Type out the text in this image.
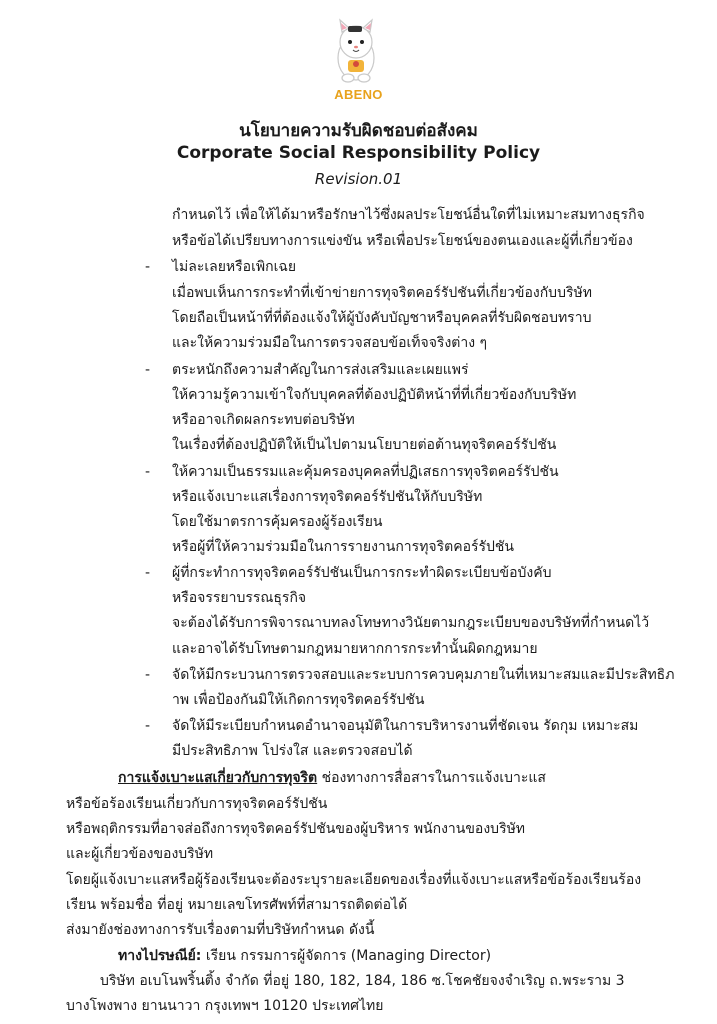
ABENO
นโยบายความรับผิดชอบต่อสังคม
Corporate Social Responsibility Policy
Revision.01
กำหนดไว้ เพื่อให้ได้มาหรือรักษาไว้ซึ่งผลประโยชน์อื่นใดที่ไม่เหมาะสมทางธุรกิจ
หรือข้อได้เปรียบทางการแข่งขัน หรือเพื่อประโยชน์ของตนเองและผู้ที่เกี่ยวข้อง
- ไม่ละเลยหรือเพิกเฉย
เมื่อพบเห็นการกระทำที่เข้าข่ายการทุจริตคอร์รัปชันที่เกี่ยวข้องกับบริษัท
โดยถือเป็นหน้าที่ที่ต้องแจ้งให้ผู้บังคับบัญชาหรือบุคคลที่รับผิดชอบทราบ
และให้ความร่วมมือในการตรวจสอบข้อเท็จจริงต่าง ๆ
- ตระหนักถึงความสำคัญในการส่งเสริมและเผยแพร่
ให้ความรู้ความเข้าใจกับบุคคลที่ต้องปฏิบัติหน้าที่ที่เกี่ยวข้องกับบริษัท
หรืออาจเกิดผลกระทบต่อบริษัท
ในเรื่องที่ต้องปฏิบัติให้เป็นไปตามนโยบายต่อต้านทุจริตคอร์รัปชัน
- ให้ความเป็นธรรมและคุ้มครองบุคคลที่ปฏิเสธการทุจริตคอร์รัปชัน
หรือแจ้งเบาะแสเรื่องการทุจริตคอร์รัปชันให้กับบริษัท
โดยใช้มาตรการคุ้มครองผู้ร้องเรียน
หรือผู้ที่ให้ความร่วมมือในการรายงานการทุจริตคอร์รัปชัน
- ผู้ที่กระทำการทุจริตคอร์รัปชันเป็นการกระทำผิดระเบียบข้อบังคับ
หรือจรรยาบรรณธุรกิจ
จะต้องได้รับการพิจารณาบทลงโทษทางวินัยตามกฎระเบียบของบริษัทที่กำหนดไว้
และอาจได้รับโทษตามกฎหมายหากการกระทำนั้นผิดกฎหมาย
- จัดให้มีกระบวนการตรวจสอบและระบบการควบคุมภายในที่เหมาะสมและมีประสิทธิภ
าพ เพื่อป้องกันมิให้เกิดการทุจริตคอร์รัปชัน
- จัดให้มีระเบียบกำหนดอำนาจอนุมัติในการบริหารงานที่ชัดเจน รัดกุม เหมาะสม
มีประสิทธิภาพ โปร่งใส และตรวจสอบได้
การแจ้งเบาะแสเกี่ยวกับการทุจริต ช่องทางการสื่อสารในการแจ้งเบาะแส
หรือข้อร้องเรียนเกี่ยวกับการทุจริตคอร์รัปชัน
หรือพฤติกรรมที่อาจส่อถึงการทุจริตคอร์รัปชันของผู้บริหาร พนักงานของบริษัท
และผู้เกี่ยวข้องของบริษัท
โดยผู้แจ้งเบาะแสหรือผู้ร้องเรียนจะต้องระบุรายละเอียดของเรื่องที่แจ้งเบาะแสหรือข้อร้องเรียนร้อง
เรียน พร้อมชื่อ ที่อยู่ หมายเลขโทรศัพท์ที่สามารถติดต่อได้
ส่งมายังช่องทางการรับเรื่องตามที่บริษัทกำหนด ดังนี้
ทางไปรษณีย์: เรียน กรรมการผู้จัดการ (Managing Director)
บริษัท อเบโนพริ้นติ้ง จำกัด ที่อยู่ 180, 182, 184, 186 ซ.โชคชัยจงจำเริญ ถ.พระราม 3
บางโพงพาง ยานนาวา กรุงเทพฯ 10120 ประเทศไทย
